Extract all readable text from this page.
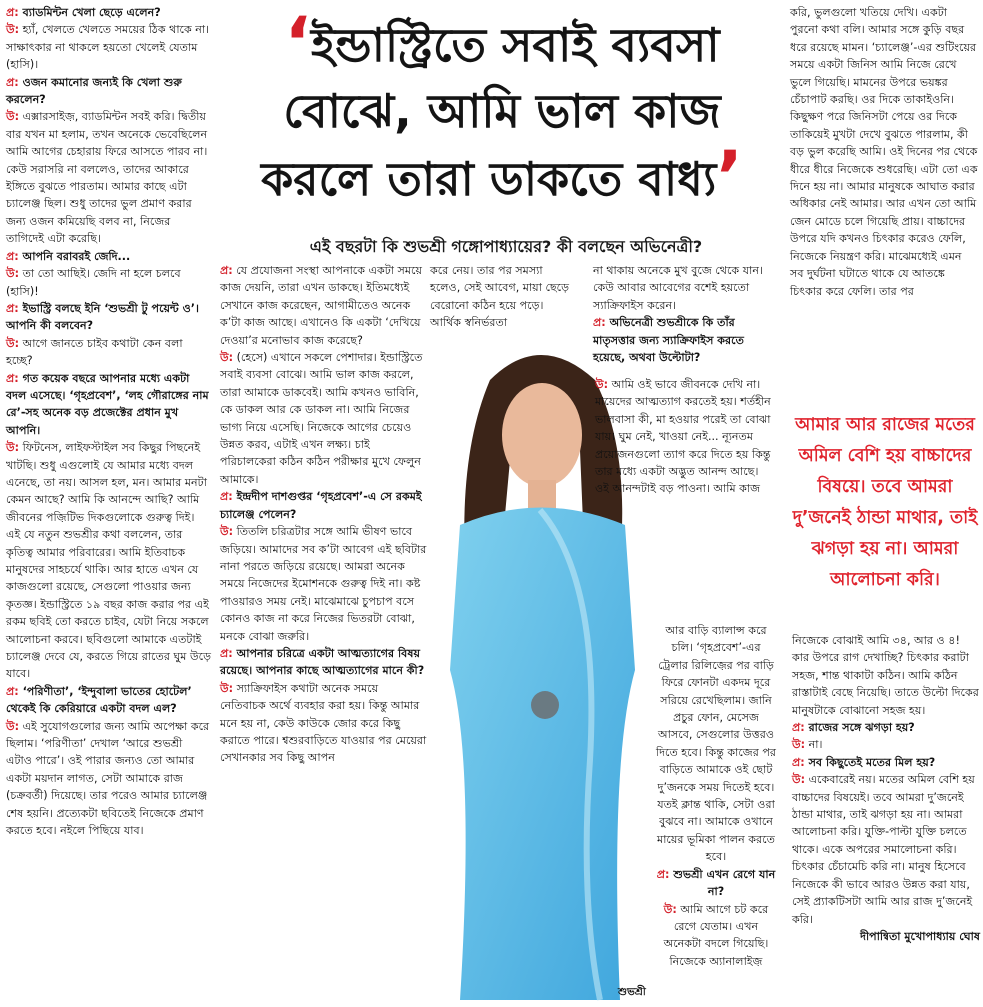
‘ইন্ডাস্ট্রিতে সবাই ব্যবসা
বোঝে, আমি ভাল কাজ
করলে তারা ডাকতে বাধ্য’
এই বছরটা কি শুভশ্রী গঙ্গোপাধ্যায়ের? কী বলছেন অভিনেত্রী?

প্র: ব্যাডমিন্টন খেলা ছেড়ে এলেন?

উ: হ্যাঁ, খেলতে খেলতে সময়ের ঠিক থাকে না। সাক্ষাৎকার না থাকলে হয়তো খেলেই যেতাম (হাসি)।

প্র: ওজন কমানোর জন্যই কি খেলা শুরু করলেন?

উ: এক্সারসাইজ়, ব্যাডমিন্টন সবই করি। দ্বিতীয় বার যখন মা হলাম, তখন অনেকে ভেবেছিলেন আমি আগের চেহারায় ফিরে আসতে পারব না। কেউ সরাসরি না বললেও, তাদের আকারে ইঙ্গিতে বুঝতে পারতাম। আমার কাছে এটা চ্যালেঞ্জ ছিল। শুধু তাদের ভুল প্রমাণ করার জন্য ওজন কমিয়েছি বলব না, নিজের তাগিদেই এটা করেছি।

প্র: আপনি বরাবরই জেদি...

উ: তা তো আছিই। জেদি না হলে চলবে (হাসি)!

প্র: ইভাস্ট্রি বলছে ইনি ‘শুভশ্রী টু পয়েন্ট ও’। আপনি কী বলবেন?

উ: আগে জানতে চাইব কথাটা কেন বলা হচ্ছে?

প্র: গত কয়েক বছরে আপনার মধ্যে একটা বদল এসেছে। ‘গৃহপ্রবেশ’, ‘লহ গৌরাঙ্গের নাম রে’-সহ অনেক বড় প্রজেক্টের প্রধান মুখ আপনি।

উ: ফিটনেস, লাইফস্টাইল সব কিছুর পিছনেই খাটছি। শুধু এগুলোই যে আমার মধ্যে বদল এনেছে, তা নয়। আসল হল, মন। আমার মনটা কেমন আছে? আমি কি আনন্দে আছি? আমি জীবনের পজ়িটিভ দিকগুলোকে গুরুত্ব দিই। এই যে নতুন শুভশ্রীর কথা বললেন, তার কৃতিত্ব আমার পরিবারের। আমি ইতিবাচক মানুষদের সাহচর্যে থাকি। আর হাতে এখন যে কাজগুলো রয়েছে, সেগুলো পাওয়ার জন্য কৃতজ্ঞ। ইন্ডাস্ট্রিতে ১৯ বছর কাজ করার পর এই রকম ছবিই তো করতে চাইব, যেটা নিয়ে সকলে আলোচনা করবে। ছবিগুলো আমাকে এতটাই চ্যালেঞ্জ দেবে যে, করতে গিয়ে রাতের ঘুম উড়ে যাবে।

প্র: ‘পরিণীতা’, ‘ইন্দুবালা ভাতের হোটেল’ থেকেই কি কেরিয়ারে একটা বদল এল?

উ: এই সুযোগগুলোর জন্য আমি অপেক্ষা করে ছিলাম। ‘পরিণীতা’ দেখাল ‘আরে শুভশ্রী এটাও পারে’। ওই পারার জন্যও তো আমার একটা ময়দান লাগত, সেটা আমাকে রাজ (চক্রবর্তী) দিয়েছে। তার পরেও আমার চ্যালেঞ্জ শেষ হয়নি। প্রত্যেকটা ছবিতেই নিজেকে প্রমাণ করতে হবে। নইলে পিছিয়ে যাব।

প্র: যে প্রযোজনা সংস্থা আপনাকে একটা সময়ে কাজ দেয়নি, তারা এখন ডাকছে। ইতিমধ্যেই সেখানে কাজ করেছেন, আগামীতেও অনেক ক’টা কাজ আছে। এখানেও কি একটা ‘দেখিয়ে দেওয়া’র মনোভাব কাজ করেছে?

উ: (হেসে) এখানে সকলে পেশাদার। ইন্ডাস্ট্রিতে সবাই ব্যবসা বোঝে। আমি ভাল কাজ করলে, তারা আমাকে ডাকবেই। আমি কখনও ভাবিনি, কে ডাকল আর কে ডাকল না। আমি নিজের ভাগ্য নিয়ে এসেছি। নিজেকে আগের চেয়েও উন্নত করব, এটাই এখন লক্ষ্য। চাই পরিচালকেরা কঠিন কঠিন পরীক্ষার মুখে ফেলুন আমাকে।

প্র: ইন্দ্রদীপ দাশগুপ্তর ‘গৃহপ্রবেশ’-এ সে রকমই চ্যালেঞ্জ পেলেন?

উ: তিতলি চরিত্রটার সঙ্গে আমি ভীষণ ভাবে জড়িয়ে। আমাদের সব ক’টা আবেগ এই ছবিটার নানা পরতে জড়িয়ে রয়েছে। আমরা অনেক সময়ে নিজেদের ইমোশনকে গুরুত্ব দিই না। কষ্ট পাওয়ারও সময় নেই। মাঝেমাঝে চুপচাপ বসে কোনও কাজ না করে নিজের ভিতরটা বোঝা, মনকে বোঝা জরুরি।

প্র: আপনার চরিত্রে একটা আত্মত্যাগের বিষয় রয়েছে। আপনার কাছে আত্মত্যাগের মানে কী?

উ: স্যাক্রিফাইস কথাটা অনেক সময়ে নেতিবাচক অর্থে ব্যবহার করা হয়। কিন্তু আমার মনে হয় না, কেউ কাউকে জোর করে কিছু করাতে পারে। শ্বশুরবাড়িতে যাওয়ার পর মেয়েরা সেখানকার সব কিছু আপন

করে নেয়। তার পর সমস্যা হলেও, সেই আবেগ, মায়া ছেড়ে বেরোনো কঠিন হয়ে পড়ে। আর্থিক স্বনির্ভরতা

না থাকায় অনেকে মুখ বুজে থেকে যান। কেউ আবার আবেগের বশেই হয়তো স্যাক্রিফাইস করেন।

প্র: অভিনেত্রী শুভশ্রীকে কি তাঁর মাতৃসত্তার জন্য স্যাক্রিফাইস করতে হয়েছে, অথবা উল্টোটা?

উ: আমি ওই ভাবে জীবনকে দেখি না। মায়েদের আত্মত্যাগ করতেই হয়। শর্তহীন ভালবাসা কী, মা হওয়ার পরেই তা বোঝা যায়। ঘুম নেই, খাওয়া নেই... ন্যূনতম প্রয়োজনগুলো ত্যাগ করে দিতে হয় কিন্তু তার মধ্যে একটা অদ্ভুত আনন্দ আছে। ওই আনন্দটাই বড় পাওনা। আমি কাজ

আর বাড়ি ব্যালান্স করে চলি। ‘গৃহপ্রবেশ’-এর ট্রেলার রিলিজ়ের পর বাড়ি ফিরে ফোনটা একদম দূরে সরিয়ে রেখেছিলাম। জানি প্রচুর ফোন, মেসেজ আসবে, সেগুলোর উত্তরও দিতে হবে। কিন্তু কাজের পর বাড়িতে আমাকে ওই ছোট দু’জনকে সময় দিতেই হবে। যতই ক্লান্ত থাকি, সেটা ওরা বুঝবে না। আমাকে ওখানে মায়ের ভূমিকা পালন করতে হবে।

প্র: শুভশ্রী এখন রেগে যান না?

উ: আমি আগে চট করে রেগে যেতাম। এখন অনেকটা বদলে গিয়েছি। নিজেকে অ্যানালাইজ়

করি, ভুলগুলো খতিয়ে দেখি। একটা পুরনো কথা বলি। আমার সঙ্গে কুড়ি বছর ধরে রয়েছে মামন। ‘চ্যালেঞ্জ’-এর শুটিংয়ের সময়ে একটা জিনিস আমি নিজে রেখে ভুলে গিয়েছি। মামনের উপরে ভয়ঙ্কর চেঁচাপাট করছি। ওর দিকে তাকাইওনি। কিছুক্ষণ পরে জিনিসটা পেয়ে ওর দিকে তাকিয়েই মুখটা দেখে বুঝতে পারলাম, কী বড় ভুল করেছি আমি। ওই দিনের পর থেকে ধীরে ধীরে নিজেকে শুধরেছি। এটা তো এক দিনে হয় না। আমার মানুষকে আঘাত করার অধিকার নেই আমার। আর এখন তো আমি জেন মোডে চলে গিয়েছি প্রায়। বাচ্চাদের উপরে যদি কখনও চিৎকার করেও ফেলি, নিজেকে নিয়ন্ত্রণ করি। মাঝেমধ্যেই এমন সব দুর্ঘটনা ঘটাতে থাকে যে আতঙ্কে চিৎকার করে ফেলি। তার পর

আমার আর রাজের মতের অমিল বেশি হয় বাচ্চাদের বিষয়ে। তবে আমরা দু’জনেই ঠান্ডা মাথার, তাই ঝগড়া হয় না। আমরা আলোচনা করি।

নিজেকে বোঝাই আমি ৩৪, আর ও ৪! কার উপরে রাগ দেখাচ্ছি? চিৎকার করাটা সহজ, শান্ত থাকাটা কঠিন। আমি কঠিন রাস্তাটাই বেছে নিয়েছি। তাতে উল্টো দিকের মানুষটাকে বোঝানো সহজ হয়।

প্র: রাজের সঙ্গে ঝগড়া হয়?

উ: না।

প্র: সব কিছুতেই মতের মিল হয়?

উ: একেবারেই নয়। মতের অমিল বেশি হয় বাচ্চাদের বিষয়েই। তবে আমরা দু’জনেই ঠান্ডা মাথার, তাই ঝগড়া হয় না। আমরা আলোচনা করি। যুক্তি-পাল্টা যুক্তি চলতে থাকে। একে অপরের সমালোচনা করি। চিৎকার চেঁচামেচি করি না। মানুষ হিসেবে নিজেকে কী ভাবে আরও উন্নত করা যায়, সেই প্র্যাকটিসটা আমি আর রাজ দু’জনেই করি।

দীপান্বিতা মুখোপাধ্যায় ঘোষ

শুভশ্রী
